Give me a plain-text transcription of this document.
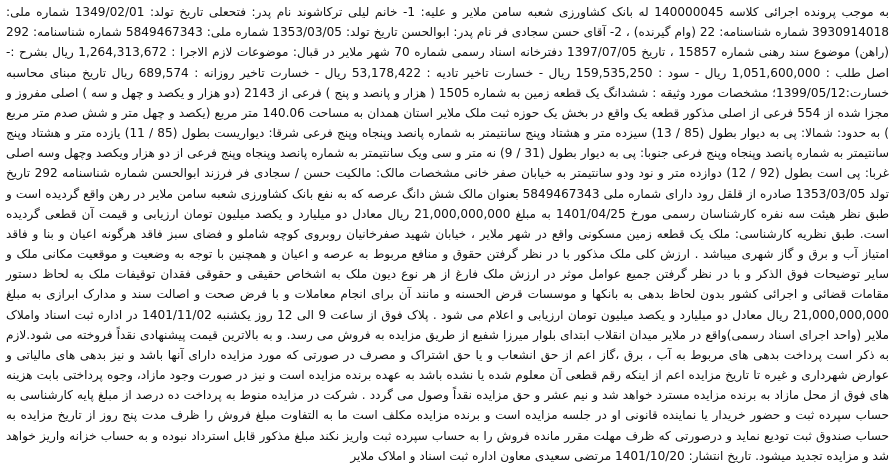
به موجب پرونده اجرائی کلاسه 140000045 له بانک کشاورزی شعبه سامن ملایر و علیه: 1- خانم لیلی ترکاشوند نام پدر: فتحعلی تاریخ تولد: 1349/02/01 شماره ملی: 3930914018 شماره شناسنامه: 22 (وام گیرنده) ، 2- آقای حسن سجادی فر نام پدر: ابوالحسن تاریخ تولد: 1353/03/05 شماره ملی: 5849467343 شماره شناسنامه: 292 (راهن) موضوع سند رهنی شماره 15857 ، تاریخ 1397/07/05 دفترخانه اسناد رسمی شماره 70 شهر ملایر در قبال: موضوعات لازم الاجرا : 1,264,313,672 ریال بشرح :- اصل طلب : 1,051,600,000 ریال - سود : 159,535,250 ریال - خسارت تاخیر تادیه : 53,178,422 ریال - خسارت تاخیر روزانه : 689,574 ریال تاریخ مبنای محاسبه خسارت:1399/05/12؛ مشخصات مورد وثیقه : ششدانگ یک قطعه زمین به شماره 1505 ( هزار و پانصد و پنج ) فرعی از 2143 (دو هزار و یکصد و چهل و سه ) اصلی مفروز و مجزا شده از 554 فرعی از اصلی مذکور قطعه یک واقع در بخش یک حوزه ثبت ملک ملایر استان همدان به مساحت 140.06 متر مربع (یکصد و چهل متر و شش صدم متر مربع ) به حدود: شمالا: پی به دیوار بطول (85 / 13) سیزده متر و هشتاد وپنج سانتیمتر به شماره پانصد وپنجاه وپنج فرعی شرقا: دیواریست بطول (85 / 11) یازده متر و هشتاد وپنج سانتیمتر به شماره پانصد وپنجاه وپنج فرعی جنوبا: پی به دیوار بطول (31 / 9) نه متر و سی ویک سانتیمتر به شماره پانصد وپنجاه وپنج فرعی از دو هزار ویکصد وچهل وسه اصلی غربا: پی است بطول (92 / 12) دوازده متر و نود ودو سانتیمتر به خیابان صفر خانی مشخصات مالک: مالکیت حسن / سجادی فر فرزند ابوالحسن شماره شناسنامه 292 تاریخ تولد 1353/03/05 صادره از قلقل رود دارای شماره ملی 5849467343 بعنوان مالک شش دانگ عرصه که به نفع بانک کشاورزی شعبه سامن ملایر در رهن واقع گردیده است و طبق نظر هیئت سه نفره کارشناسان رسمی مورخ 1401/04/25 به مبلغ 21,000,000,000 ریال معادل دو میلیارد و یکصد میلیون تومان ارزیابی و قیمت آن قطعی گردیده است. طبق نظریه کارشناسی: ملک یک قطعه زمین مسکونی واقع در شهر ملایر ، خیابان شهید صفرخانیان روبروی کوچه شاملو و فضای سبز فاقد هرگونه اعیان و بنا و فاقد امتیاز آب و برق و گاز شهری میباشد . ارزش کلی ملک مذکور با در نظر گرفتن حقوق و منافع مربوط به عرصه و اعیان و همچنین با توجه به وضعیت و موقعیت مکانی ملک و سایر توضیحات فوق الذکر و با در نظر گرفتن جمیع عوامل موثر در ارزش ملک فارغ از هر نوع دیون ملک به اشخاص حقیقی و حقوقی فقدان توقیفات ملک به لحاظ دستور مقامات قضائی و اجرائی کشور بدون لحاظ بدهی به بانکها و موسسات قرض الحسنه و مانند آن برای انجام معاملات و با فرض صحت و اصالت سند و مدارک ابرازی به مبلغ 21,000,000,000 ریال معادل دو میلیارد و یکصد میلیون تومان ارزیابی و اعلام می شود . پلاک فوق از ساعت 9 الی 12 روز یکشنبه 1401/11/02 در اداره ثبت اسناد واملاک ملایر (واحد اجرای اسناد رسمی)واقع در ملایر میدان انقلاب ابتدای بلوار میرزا شفیع از طریق مزایده به فروش می رسد. و به بالاترین قیمت پیشنهادی نقداً فروخته می شود.لازم به ذکر است پرداخت بدهی های مربوط به آب ، برق ،گاز اعم از حق انشعاب و یا حق اشتراک و مصرف در صورتی که مورد مزایده دارای آنها باشد و نیز بدهی های مالیاتی و عوارض شهرداری و غیره تا تاریخ مزایده اعم از اینکه رقم قطعی آن معلوم شده یا نشده باشد به عهده برنده مزایده است و نیز در صورت وجود مازاد، وجوه پرداختی بابت هزینه های فوق از محل مازاد به برنده مزایده مسترد خواهد شد و نیم عشر و حق مزایده نقداً وصول می گردد . شرکت در مزایده منوط به پرداخت ده درصد از مبلغ پایه کارشناسی به حساب سپرده ثبت و حضور خریدار یا نماینده قانونی او در جلسه مزایده است و برنده مزایده مکلف است ما به التفاوت مبلغ فروش را ظرف مدت پنج روز از تاریخ مزایده به حساب صندوق ثبت تودیع نماید و درصورتی که ظرف مهلت مقرر مانده فروش را به حساب سپرده ثبت واریز نکند مبلغ مذکور قابل استرداد نبوده و به حساب خزانه واریز خواهد شد و مزایده تجدید میشود. تاریخ انتشار: 1401/10/20 مرتضی سعیدی معاون اداره ثبت اسناد و املاک ملایر
